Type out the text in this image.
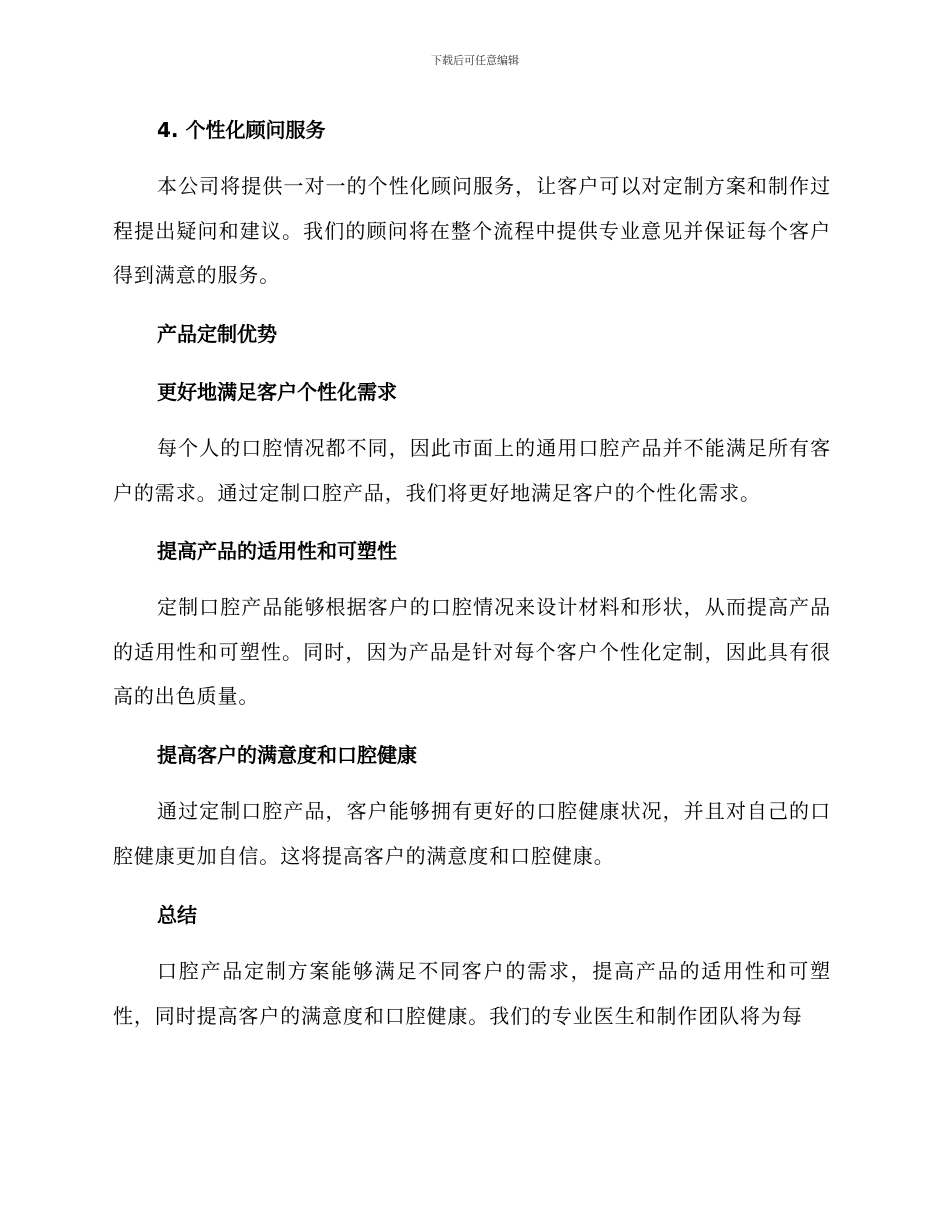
下载后可任意编辑
4. 个性化顾问服务
本公司将提供一对一的个性化顾问服务，让客户可以对定制方案和制作过程提出疑问和建议。我们的顾问将在整个流程中提供专业意见并保证每个客户得到满意的服务。
产品定制优势
更好地满足客户个性化需求
每个人的口腔情况都不同，因此市面上的通用口腔产品并不能满足所有客户的需求。通过定制口腔产品，我们将更好地满足客户的个性化需求。
提高产品的适用性和可塑性
定制口腔产品能够根据客户的口腔情况来设计材料和形状，从而提高产品的适用性和可塑性。同时，因为产品是针对每个客户个性化定制，因此具有很高的出色质量。
提高客户的满意度和口腔健康
通过定制口腔产品，客户能够拥有更好的口腔健康状况，并且对自己的口腔健康更加自信。这将提高客户的满意度和口腔健康。
总结
口腔产品定制方案能够满足不同客户的需求，提高产品的适用性和可塑性，同时提高客户的满意度和口腔健康。我们的专业医生和制作团队将为每
